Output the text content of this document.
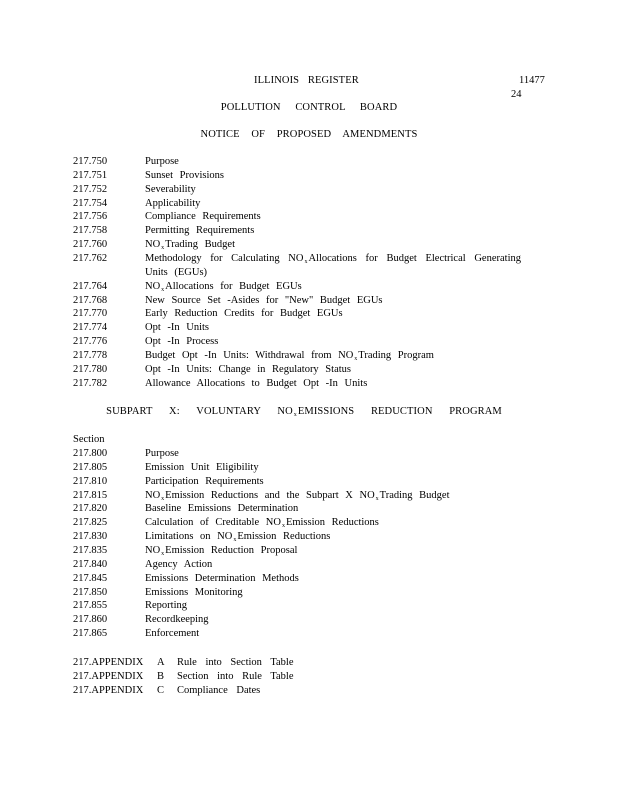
ILLINOIS REGISTER	11477
24
POLLUTION CONTROL BOARD
NOTICE OF PROPOSED AMENDMENTS
217.750	Purpose
217.751	Sunset Provisions
217.752	Severability
217.754	Applicability
217.756	Compliance Requirements
217.758	Permitting Requirements
217.760	$NO_xTrading$ Budget
217.762	Methodology for Calculating $NO_xAllocations$ for Budget Electrical Generating
Units (EGUs)
217.764	$NO_xAllocations$ for Budget EGUs
217.768	New Source Set -Asides for "New" Budget EGUs
217.770	Early Reduction Credits for Budget EGUs
217.774	Opt -In Units
217.776	Opt -In Process
217.778	Budget Opt -In Units: Withdrawal from $NO_xTrading$ Program
217.780	Opt -In Units: Change in Regulatory Status
217.782	Allowance Allocations to Budget Opt -In Units
SUBPART X: VOLUNTARY $NO_xEMISSIONS$ REDUCTION PROGRAM
Section
217.800	Purpose
217.805	Emission Unit Eligibility
217.810	Participation Requirements
217.815	$NO_xEmission$ Reductions and the Subpart X $NO_xTrading$ Budget
217.820	Baseline Emissions Determination
217.825	Calculation of Creditable $NO_xEmission$ Reductions
217.830	Limitations on $NO_xEmission$ Reductions
217.835	$NO_xEmission$ Reduction Proposal
217.840	Agency Action
217.845	Emissions Determination Methods
217.850	Emissions Monitoring
217.855	Reporting
217.860	Recordkeeping
217.865	Enforcement
217.APPENDIX A Rule into Section Table
217.APPENDIX B Section into Rule Table
217.APPENDIX C Compliance Dates
